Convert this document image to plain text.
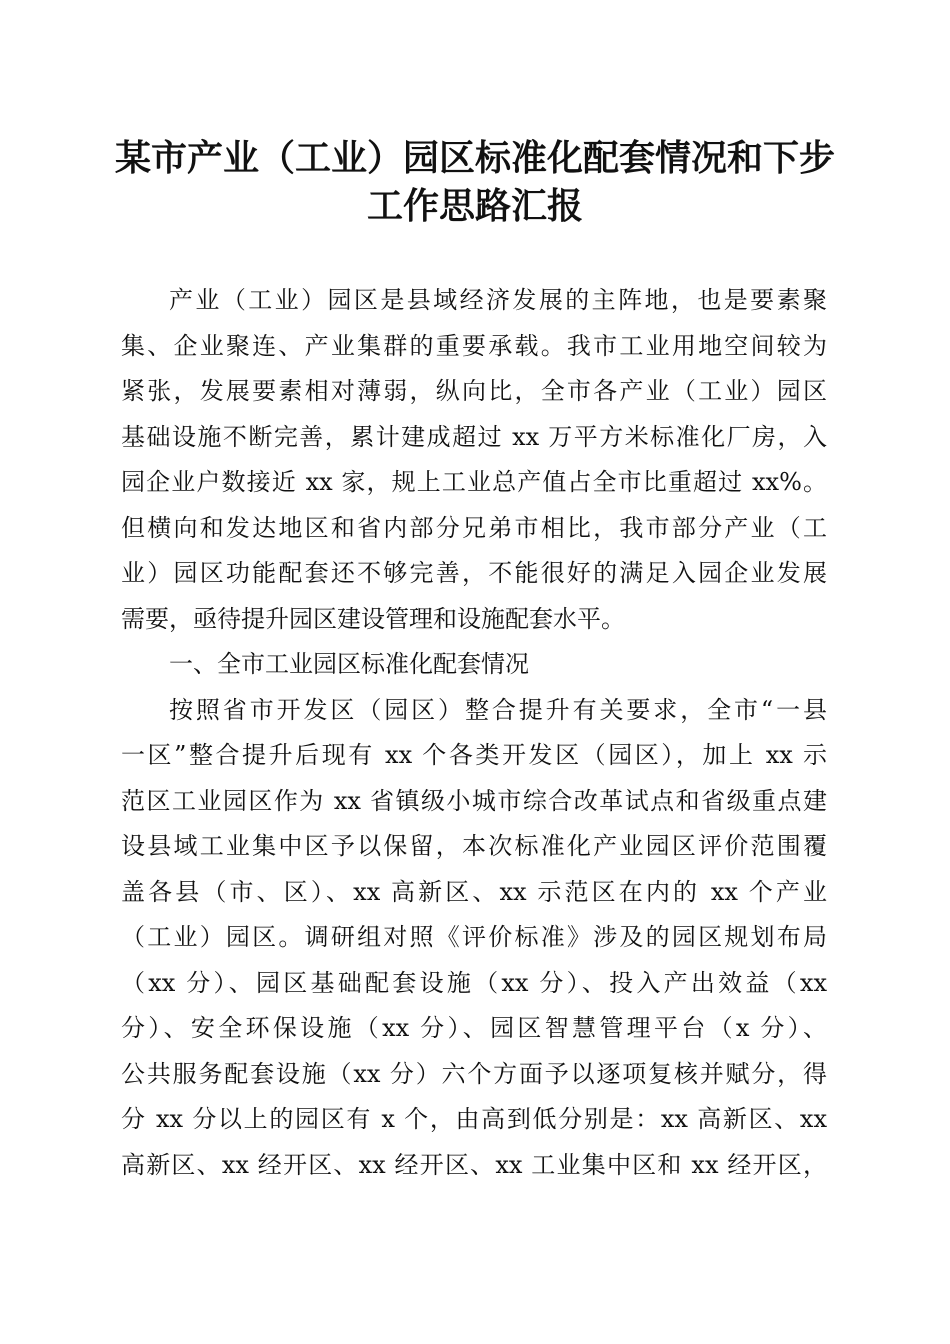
某市产业（工业）园区标准化配套情况和下步
工作思路汇报
产业（工业）园区是县域经济发展的主阵地，也是要素聚
集、企业聚连、产业集群的重要承载。我市工业用地空间较为
紧张，发展要素相对薄弱，纵向比，全市各产业（工业）园区
基础设施不断完善，累计建成超过 xx 万平方米标准化厂房，入
园企业户数接近 xx 家，规上工业总产值占全市比重超过 xx%。
但横向和发达地区和省内部分兄弟市相比，我市部分产业（工
业）园区功能配套还不够完善，不能很好的满足入园企业发展
需要，亟待提升园区建设管理和设施配套水平。
一、全市工业园区标准化配套情况
按照省市开发区（园区）整合提升有关要求，全市“一县
一区”整合提升后现有 xx 个各类开发区（园区），加上 xx 示
范区工业园区作为 xx 省镇级小城市综合改革试点和省级重点建
设县域工业集中区予以保留，本次标准化产业园区评价范围覆
盖各县（市、区）、xx 高新区、xx 示范区在内的 xx 个产业
（工业）园区。调研组对照《评价标准》涉及的园区规划布局
（xx 分）、园区基础配套设施（xx 分）、投入产出效益（xx
分）、安全环保设施（xx 分）、园区智慧管理平台（x 分）、
公共服务配套设施（xx 分）六个方面予以逐项复核并赋分，得
分 xx 分以上的园区有 x 个，由高到低分别是：xx 高新区、xx
高新区、xx 经开区、xx 经开区、xx 工业集中区和 xx 经开区，
